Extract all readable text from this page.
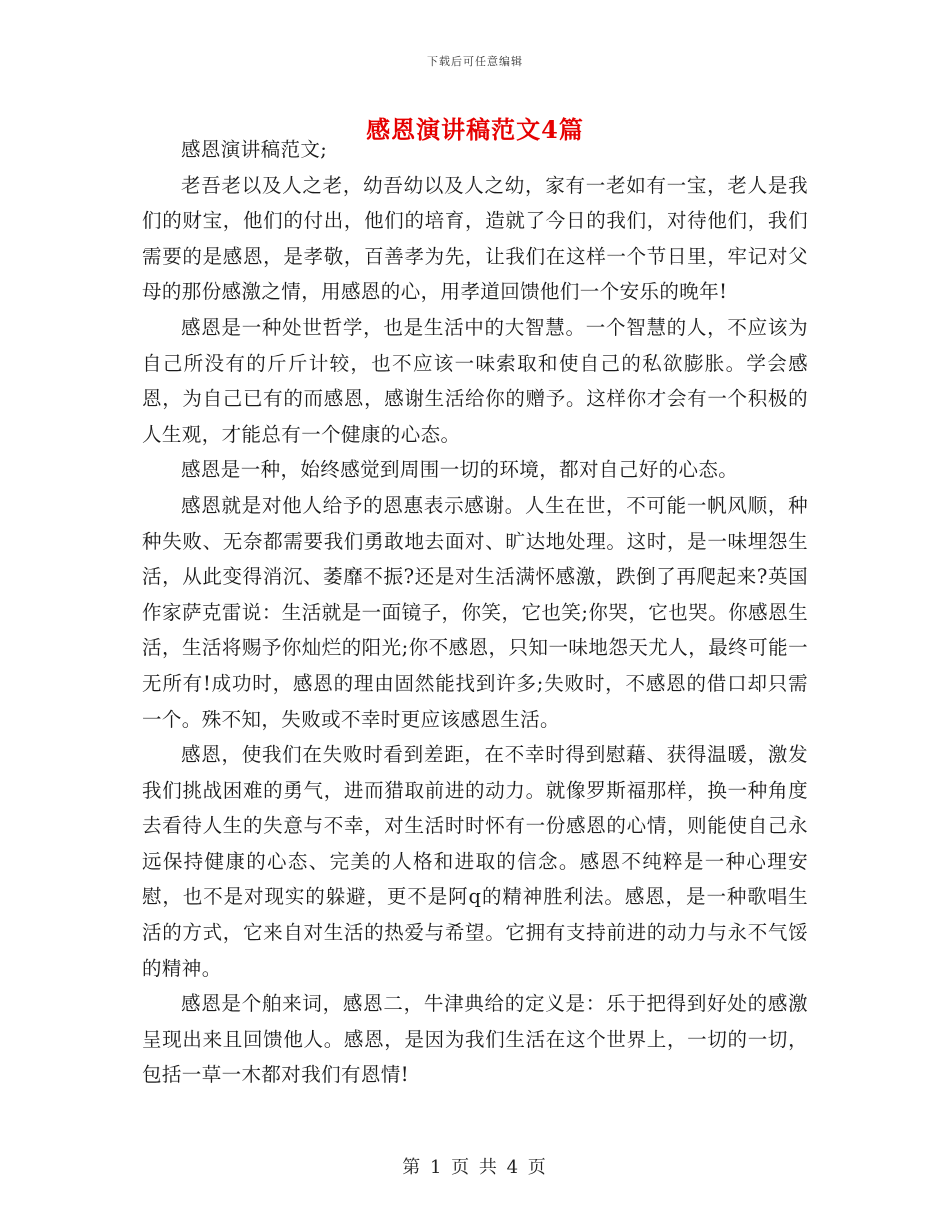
下载后可任意编辑
感恩演讲稿范文4篇

感恩演讲稿范文;

老吾老以及人之老，幼吾幼以及人之幼，家有一老如有一宝，老人是我们的财宝，他们的付出，他们的培育，造就了今日的我们，对待他们，我们需要的是感恩，是孝敬，百善孝为先，让我们在这样一个节日里，牢记对父母的那份感激之情，用感恩的心，用孝道回馈他们一个安乐的晚年!

感恩是一种处世哲学，也是生活中的大智慧。一个智慧的人，不应该为自己所没有的斤斤计较，也不应该一味索取和使自己的私欲膨胀。学会感恩，为自己已有的而感恩，感谢生活给你的赠予。这样你才会有一个积极的人生观，才能总有一个健康的心态。

感恩是一种，始终感觉到周围一切的环境，都对自己好的心态。

感恩就是对他人给予的恩惠表示感谢。人生在世，不可能一帆风顺，种种失败、无奈都需要我们勇敢地去面对、旷达地处理。这时，是一味埋怨生活，从此变得消沉、萎靡不振?还是对生活满怀感激，跌倒了再爬起来?英国作家萨克雷说：生活就是一面镜子，你笑，它也笑;你哭，它也哭。你感恩生活，生活将赐予你灿烂的阳光;你不感恩，只知一味地怨天尤人，最终可能一无所有!成功时，感恩的理由固然能找到许多;失败时，不感恩的借口却只需一个。殊不知，失败或不幸时更应该感恩生活。

感恩，使我们在失败时看到差距，在不幸时得到慰藉、获得温暖，激发我们挑战困难的勇气，进而猎取前进的动力。就像罗斯福那样，换一种角度去看待人生的失意与不幸，对生活时时怀有一份感恩的心情，则能使自己永远保持健康的心态、完美的人格和进取的信念。感恩不纯粹是一种心理安慰，也不是对现实的躲避，更不是阿q的精神胜利法。感恩，是一种歌唱生活的方式，它来自对生活的热爱与希望。它拥有支持前进的动力与永不气馁的精神。

感恩是个舶来词，感恩二，牛津典给的定义是：乐于把得到好处的感激呈现出来且回馈他人。感恩，是因为我们生活在这个世界上，一切的一切，包括一草一木都对我们有恩情!

第 1 页 共 4 页
